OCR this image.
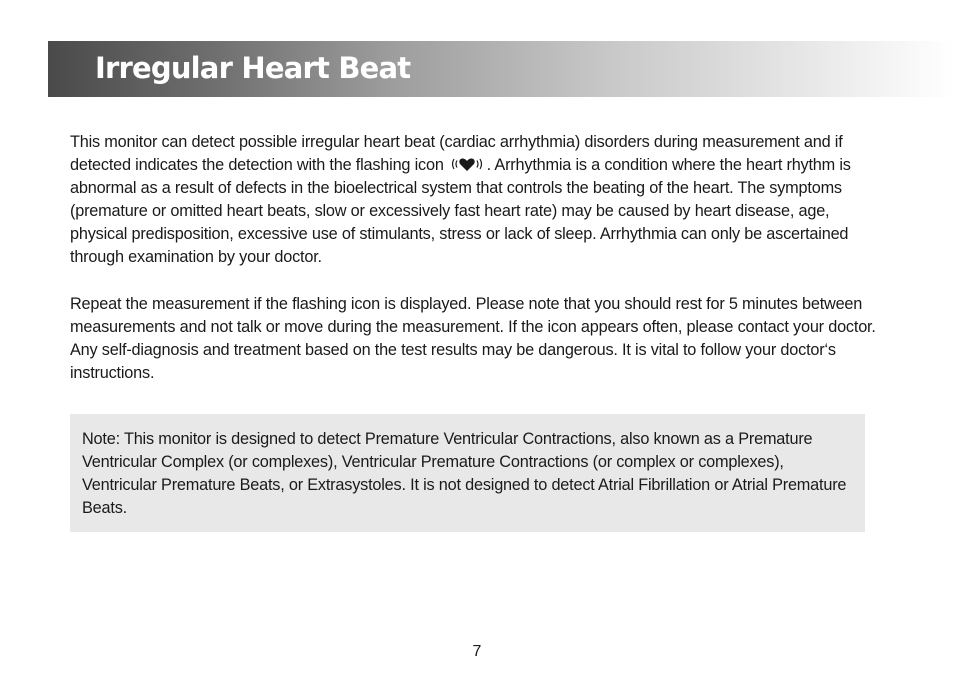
Irregular Heart Beat

This monitor can detect possible irregular heart beat (cardiac arrhythmia) disorders during measurement and if detected indicates the detection with the flashing icon	. Arrhythmia is a condition where the heart rhythm is abnormal as a result of defects in the bioelectrical system that controls the beating of the heart. The symptoms (premature or omitted heart beats, slow or excessively fast heart rate) may be caused by heart disease, age, physical predisposition, excessive use of stimulants, stress or lack of sleep. Arrhythmia can only be ascertained through examination by your doctor.

Repeat the measurement if the flashing icon is displayed. Please note that you should rest for 5 minutes between measurements and not talk or move during the measurement. If the icon appears often, please contact your doctor. Any self-diagnosis and treatment based on the test results may be dangerous. It is vital to follow your doctor‘s instructions.

Note: This monitor is designed to detect Premature Ventricular Contractions, also known as a Premature Ventricular Complex (or complexes), Ventricular Premature Contractions (or complex or complexes), Ventricular Premature Beats, or Extrasystoles. It is not designed to detect Atrial Fibrillation or Atrial Premature Beats.

7
